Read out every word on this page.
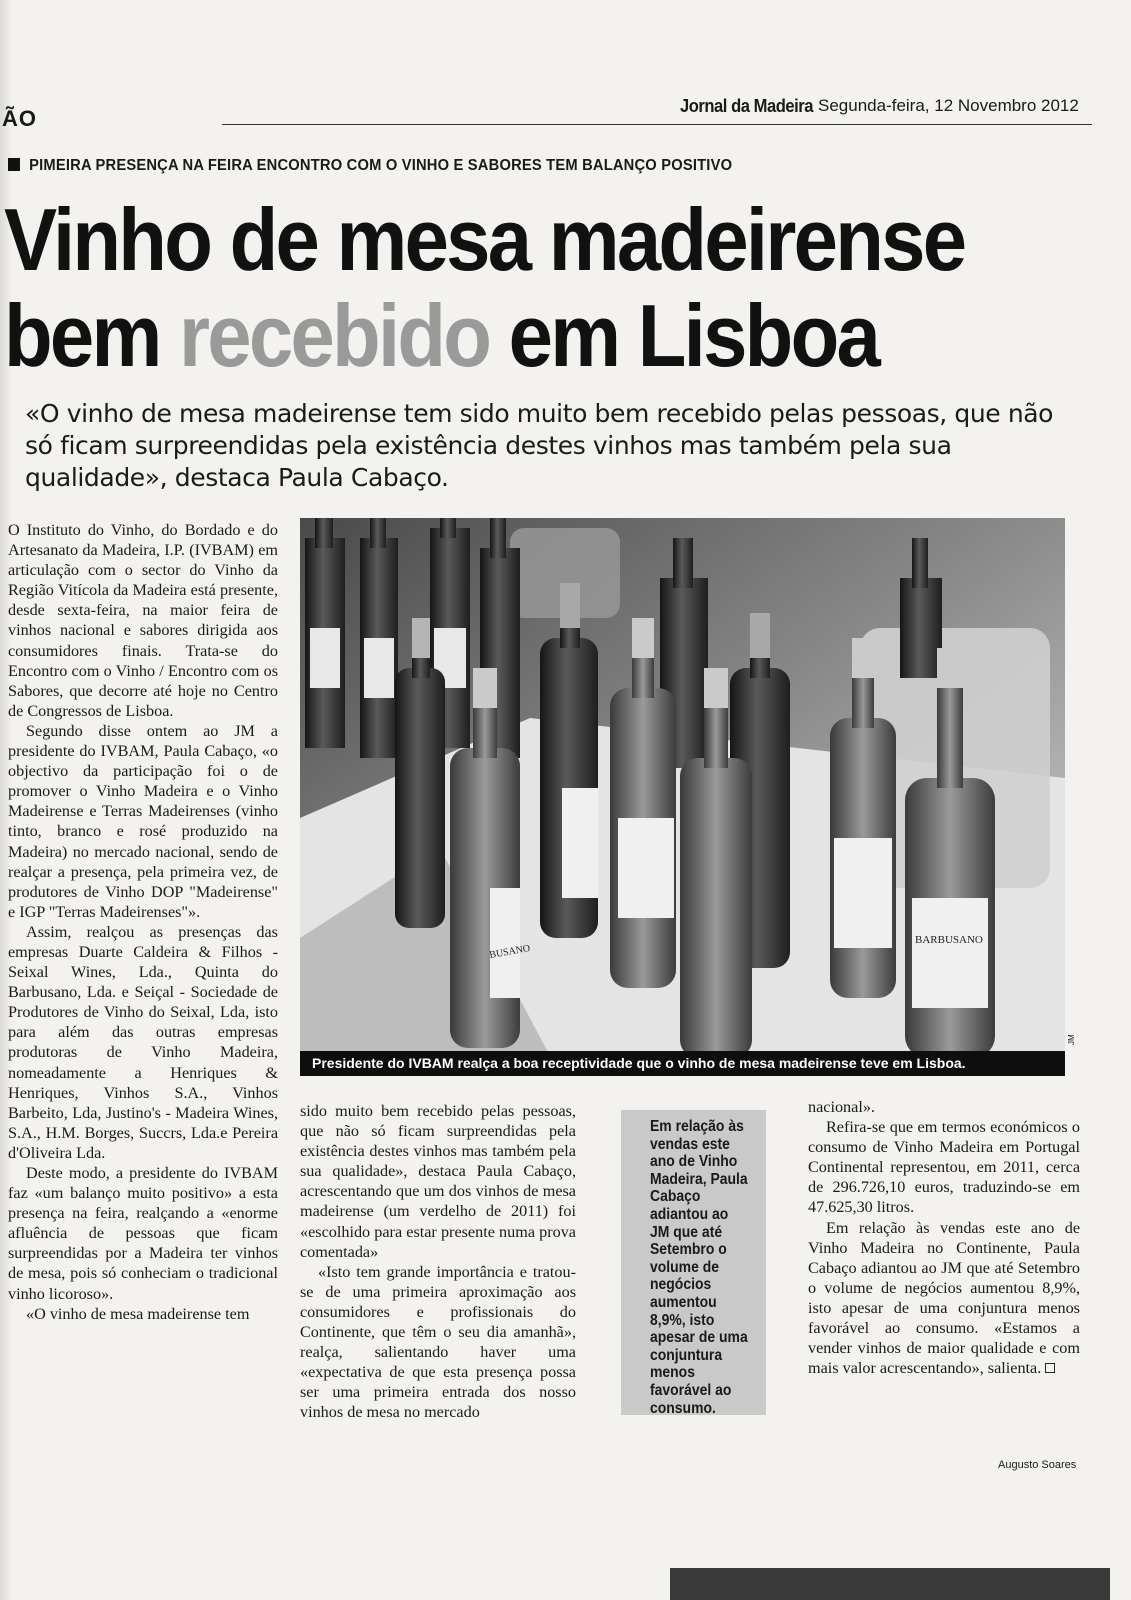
ÃO	Jornal da Madeira Segunda-feira, 12 Novembro 2012
PIMEIRA PRESENÇA NA FEIRA ENCONTRO COM O VINHO E SABORES TEM BALANÇO POSITIVO
Vinho de mesa madeirense
bem recebido em Lisboa
«O vinho de mesa madeirense tem sido muito bem recebido pelas pessoas, que não só ficam surpreendidas pela existência destes vinhos mas também pela sua qualidade», destaca Paula Cabaço.

O Instituto do Vinho, do Bordado e do Artesanato da Madeira, I.P. (IVBAM) em articulação com o sector do Vinho da Região Vitícola da Madeira está presente, desde sexta-feira, na maior feira de vinhos nacional e sabores dirigida aos consumidores finais. Trata-se do Encontro com o Vinho / Encontro com os Sabores, que decorre até hoje no Centro de Congressos de Lisboa.

Segundo disse ontem ao JM a presidente do IVBAM, Paula Cabaço, «o objectivo da participação foi o de promover o Vinho Madeira e o Vinho Madeirense e Terras Madeirenses (vinho tinto, branco e rosé produzido na Madeira) no mercado nacional, sendo de realçar a presença, pela primeira vez, de produtores de Vinho DOP "Madeirense" e IGP "Terras Madeirenses"».

Assim, realçou as presenças das empresas Duarte Caldeira & Filhos - Seixal Wines, Lda., Quinta do Barbusano, Lda. e Seiçal - Sociedade de Produtores de Vinho do Seixal, Lda, isto para além das outras empresas produtoras de Vinho Madeira, nomeadamente a Henriques & Henriques, Vinhos S.A., Vinhos Barbeito, Lda, Justino's - Madeira Wines, S.A., H.M. Borges, Succrs, Lda.e Pereira d'Oliveira Lda.

Deste modo, a presidente do IVBAM faz «um balanço muito positivo» a esta presença na feira, realçando a «enorme afluência de pessoas que ficam surpreendidas por a Madeira ter vinhos de mesa, pois só conheciam o tradicional vinho licoroso».

«O vinho de mesa madeirense tem

BARBUSANO
BUSANO
Presidente do IVBAM realça a boa receptividade que o vinho de mesa madeirense teve em Lisboa.
JM

sido muito bem recebido pelas pessoas, que não só ficam surpreendidas pela existência destes vinhos mas também pela sua qualidade», destaca Paula Cabaço, acrescentando que um dos vinhos de mesa madeirense (um verdelho de 2011) foi «escolhido para estar presente numa prova comentada»

«Isto tem grande importância e tratou-se de uma primeira aproximação aos consumidores e profissionais do Continente, que têm o seu dia amanhã», realça, salientando haver uma «expectativa de que esta presença possa ser uma primeira entrada dos nosso vinhos de mesa no mercado

Em relação às vendas este ano de Vinho Madeira, Paula Cabaço adiantou ao JM que até Setembro o volume de negócios aumentou 8,9%, isto apesar de uma conjuntura menos favorável ao consumo.

nacional».

Refira-se que em termos económicos o consumo de Vinho Madeira em Portugal Continental representou, em 2011, cerca de 296.726,10 euros, traduzindo-se em 47.625,30 litros.

Em relação às vendas este ano de Vinho Madeira no Continente, Paula Cabaço adiantou ao JM que até Setembro o volume de negócios aumentou 8,9%, isto apesar de uma conjuntura menos favorável ao consumo. «Estamos a vender vinhos de maior qualidade e com mais valor acrescentando», salienta.

Augusto Soares
